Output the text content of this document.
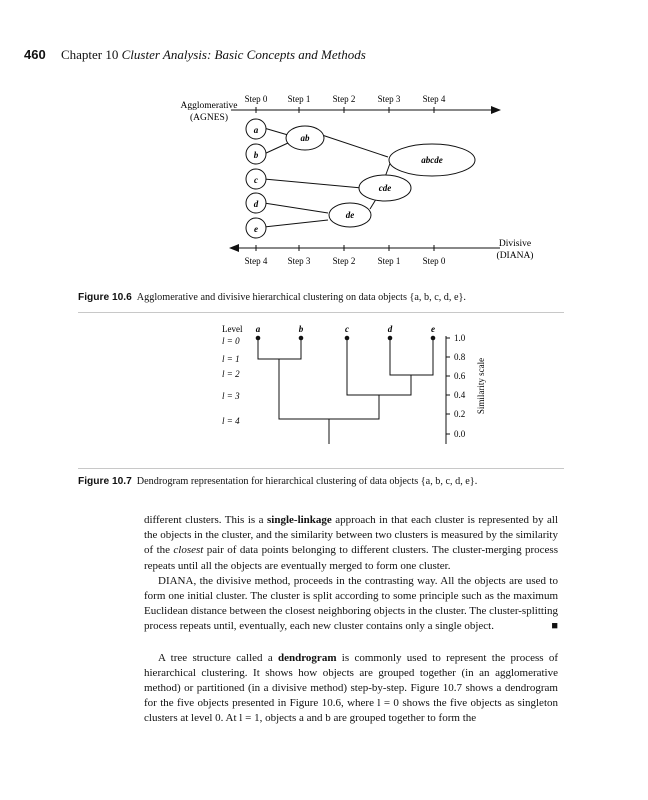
460 Chapter 10 Cluster Analysis: Basic Concepts and Methods
Agglomerative
(AGNES)
Divisive
(DIANA)
Step 0 Step 1 Step 2 Step 3 Step 4
Step 4 Step 3 Step 2 Step 1 Step 0
a
b
c
d
e
ab
de
cde
abcde
Figure 10.6 Agglomerative and divisive hierarchical clustering on data objects {a, b, c, d, e}.
Level
l = 0
l = 1
l = 2
l = 3
l = 4
a	b	c	d	e
1.0
0.8
0.6
0.4
0.2
0.0
Similarity scale
Figure 10.7 Dendrogram representation for hierarchical clustering of data objects {a, b, c, d, e}.

different clusters. This is a single-linkage approach in that each cluster is represented by all the objects in the cluster, and the similarity between two clusters is measured by the similarity of the closest pair of data points belonging to different clusters. The cluster-merging process repeats until all the objects are eventually merged to form one cluster.

DIANA, the divisive method, proceeds in the contrasting way. All the objects are used to form one initial cluster. The cluster is split according to some principle such as the maximum Euclidean distance between the closest neighboring objects in the cluster. The cluster-splitting process repeats until, eventually, each new cluster contains only a single object.	■

A tree structure called a dendrogram is commonly used to represent the process of hierarchical clustering. It shows how objects are grouped together (in an agglomerative method) or partitioned (in a divisive method) step-by-step. Figure 10.7 shows a dendrogram for the five objects presented in Figure 10.6, where l = 0 shows the five objects as singleton clusters at level 0. At l = 1, objects a and b are grouped together to form the
